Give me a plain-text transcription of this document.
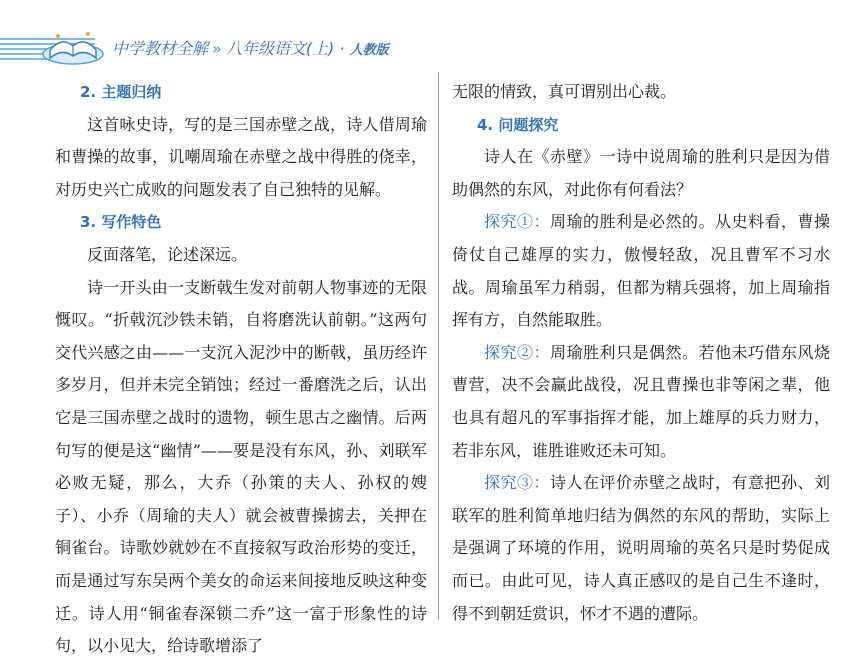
中学教材全解 » 八年级语文(上) · 人教版
2. 主题归纳

这首咏史诗，写的是三国赤壁之战，诗人借周瑜和曹操的故事，讥嘲周瑜在赤壁之战中得胜的侥幸，对历史兴亡成败的问题发表了自己独特的见解。

3. 写作特色

反面落笔，论述深远。

诗一开头由一支断戟生发对前朝人物事迹的无限慨叹。“折戟沉沙铁未销，自将磨洗认前朝。”这两句交代兴感之由——一支沉入泥沙中的断戟，虽历经许多岁月，但并未完全销蚀；经过一番磨洗之后，认出它是三国赤壁之战时的遗物，顿生思古之幽情。后两句写的便是这“幽情”——要是没有东风，孙、刘联军必败无疑，那么，大乔（孙策的夫人、孙权的嫂子）、小乔（周瑜的夫人）就会被曹操掳去，关押在铜雀台。诗歌妙就妙在不直接叙写政治形势的变迁，而是通过写东吴两个美女的命运来间接地反映这种变迁。诗人用“铜雀春深锁二乔”这一富于形象性的诗句，以小见大，给诗歌增添了

无限的情致，真可谓别出心裁。

4. 问题探究

诗人在《赤壁》一诗中说周瑜的胜利只是因为借助偶然的东风，对此你有何看法？

探究①：周瑜的胜利是必然的。从史料看，曹操倚仗自己雄厚的实力，傲慢轻敌，况且曹军不习水战。周瑜虽军力稍弱，但都为精兵强将，加上周瑜指挥有方，自然能取胜。

探究②：周瑜胜利只是偶然。若他未巧借东风烧曹营，决不会赢此战役，况且曹操也非等闲之辈，他也具有超凡的军事指挥才能，加上雄厚的兵力财力，若非东风，谁胜谁败还未可知。

探究③：诗人在评价赤壁之战时，有意把孙、刘联军的胜利简单地归结为偶然的东风的帮助，实际上是强调了环境的作用，说明周瑜的英名只是时势促成而已。由此可见，诗人真正感叹的是自己生不逢时，得不到朝廷赏识，怀才不遇的遭际。
